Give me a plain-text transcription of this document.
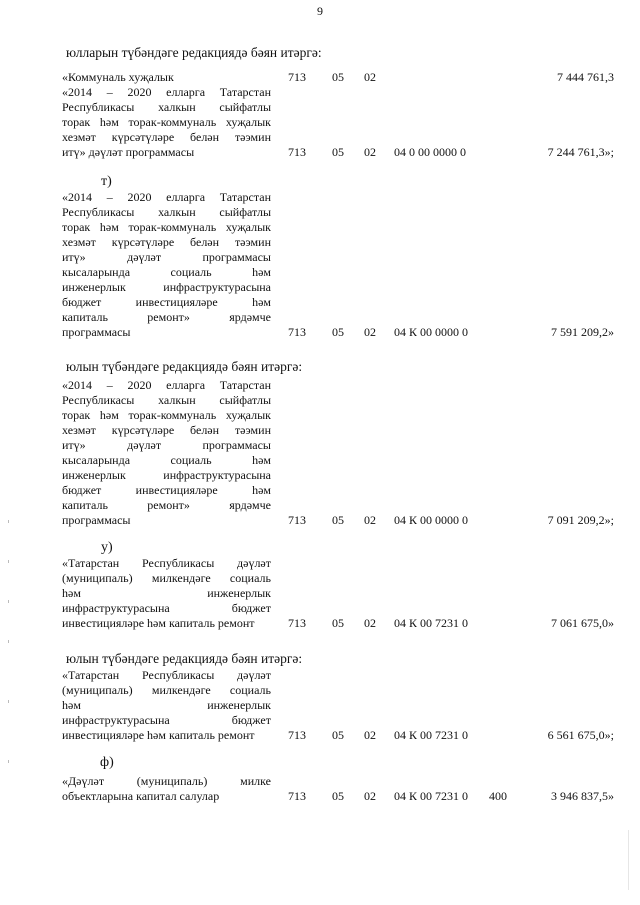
9
юлларын түбәндәге редакциядә бәян итәргә:
«Коммуналь хуҗалык	713 05 02	7 444 761,3
«2014 – 2020 елларга Татарстан
Республикасы халкын сыйфатлы
торак һәм торак-коммуналь хуҗалык
хезмәт күрсәтүләре белән тәэмин
итү» дәүләт программасы	713 05 02 04 0 00 0000 0	7 244 761,3»;
т)
«2014 – 2020 елларга Татарстан
Республикасы халкын сыйфатлы
торак һәм торак-коммуналь хуҗалык
хезмәт күрсәтүләре белән тәэмин
итү» дәүләт программасы
кысаларында социаль һәм
инженерлык инфраструктурасына
бюджет инвестицияләре һәм
капиталь ремонт» ярдәмче
программасы	713 05 02 04 К 00 0000 0	7 591 209,2»
юлын түбәндәге редакциядә бәян итәргә:
«2014 – 2020 елларга Татарстан
Республикасы халкын сыйфатлы
торак һәм торак-коммуналь хуҗалык
хезмәт күрсәтүләре белән тәэмин
итү» дәүләт программасы
кысаларында социаль һәм
инженерлык инфраструктурасына
бюджет инвестицияләре һәм
капиталь ремонт» ярдәмче
программасы	713 05 02 04 К 00 0000 0	7 091 209,2»;
у)
«Татарстан Республикасы дәүләт
(муниципаль) милкендәге социаль
һәм инженерлык
инфраструктурасына бюджет
инвестицияләре һәм капиталь ремонт	713 05 02 04 К 00 7231 0	7 061 675,0»
юлын түбәндәге редакциядә бәян итәргә:
«Татарстан Республикасы дәүләт
(муниципаль) милкендәге социаль
һәм инженерлык
инфраструктурасына бюджет
инвестицияләре һәм капиталь ремонт	713 05 02 04 К 00 7231 0	6 561 675,0»;
ф)
«Дәүләт (муниципаль) милке
объектларына капитал салулар	713 05 02 04 К 00 7231 0 400	3 946 837,5»
